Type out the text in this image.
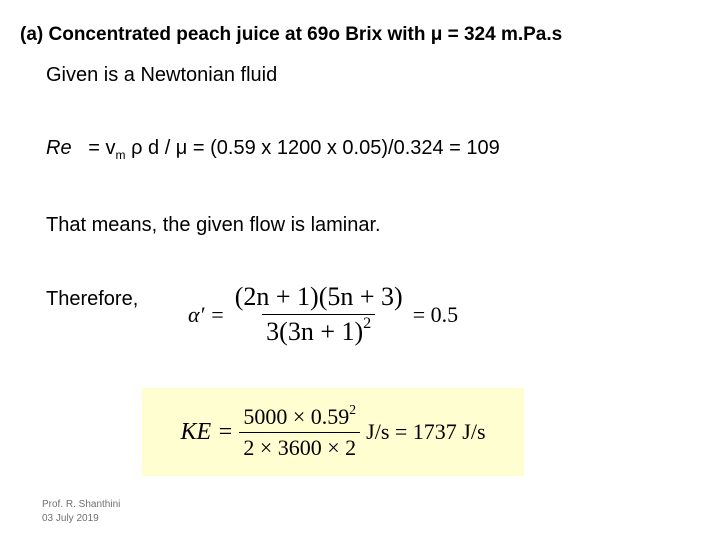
(a) Concentrated peach juice at 69o Brix with μ = 324 m.Pa.s
Given is a Newtonian fluid
$Re = v_m$ ρ d / μ = (0.59 x 1200 x 0.05)/0.324 = 109
That means, the given flow is laminar.
Therefore,
$\alpha' = \frac{(2n + 1)(5n + 3)}{3(3n + 1)^2} = 0.5$
KE = $\frac{5000 \times 0.59^2}{2 \times 3600 \times 2} J/s = 1737$ J/s
Prof. R. Shanthini
03 July 2019
